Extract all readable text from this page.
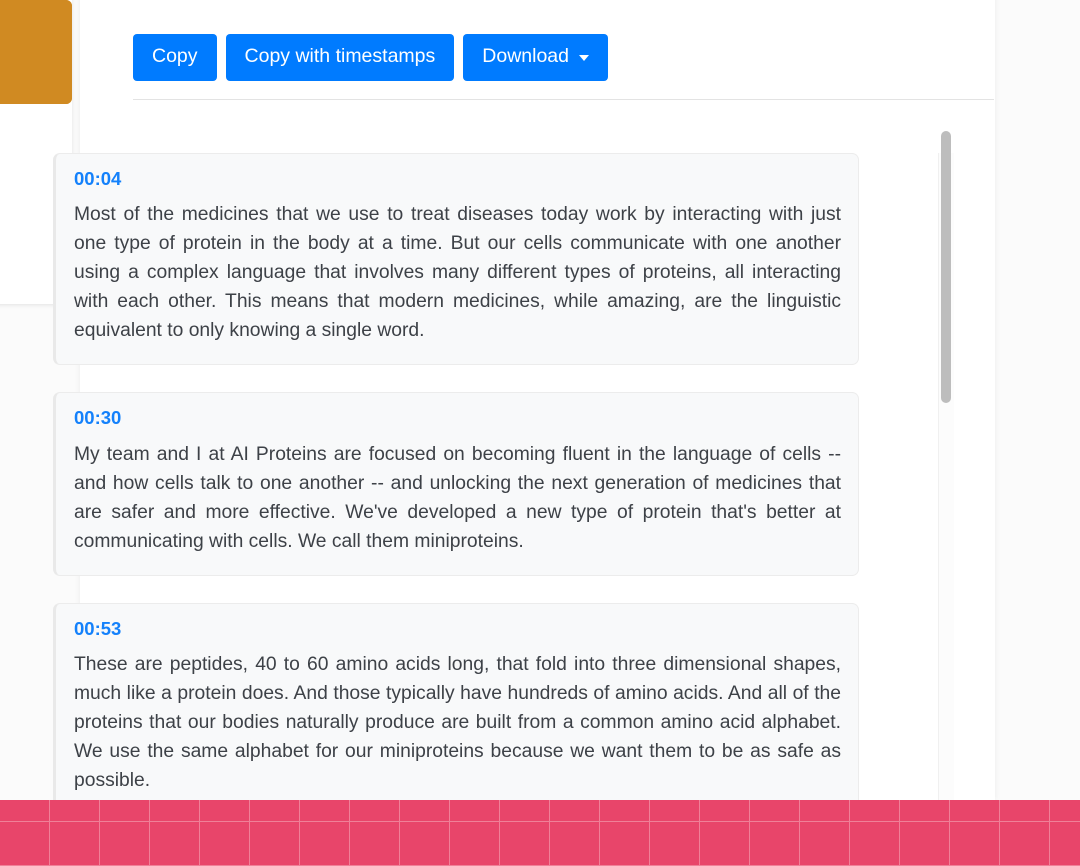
Copy	Copy with timestamps	Download
00:04

Most of the medicines that we use to treat diseases today work by interacting with just one type of protein in the body at a time. But our cells communicate with one another using a complex language that involves many different types of proteins, all interacting with each other. This means that modern medicines, while amazing, are the linguistic equivalent to only knowing a single word.

00:30

My team and I at AI Proteins are focused on becoming fluent in the language of cells -- and how cells talk to one another -- and unlocking the next generation of medicines that are safer and more effective. We've developed a new type of protein that's better at communicating with cells. We call them miniproteins.

00:53

These are peptides, 40 to 60 amino acids long, that fold into three dimensional shapes, much like a protein does. And those typically have hundreds of amino acids. And all of the proteins that our bodies naturally produce are built from a common amino acid alphabet. We use the same alphabet for our miniproteins because we want them to be as safe as possible.
